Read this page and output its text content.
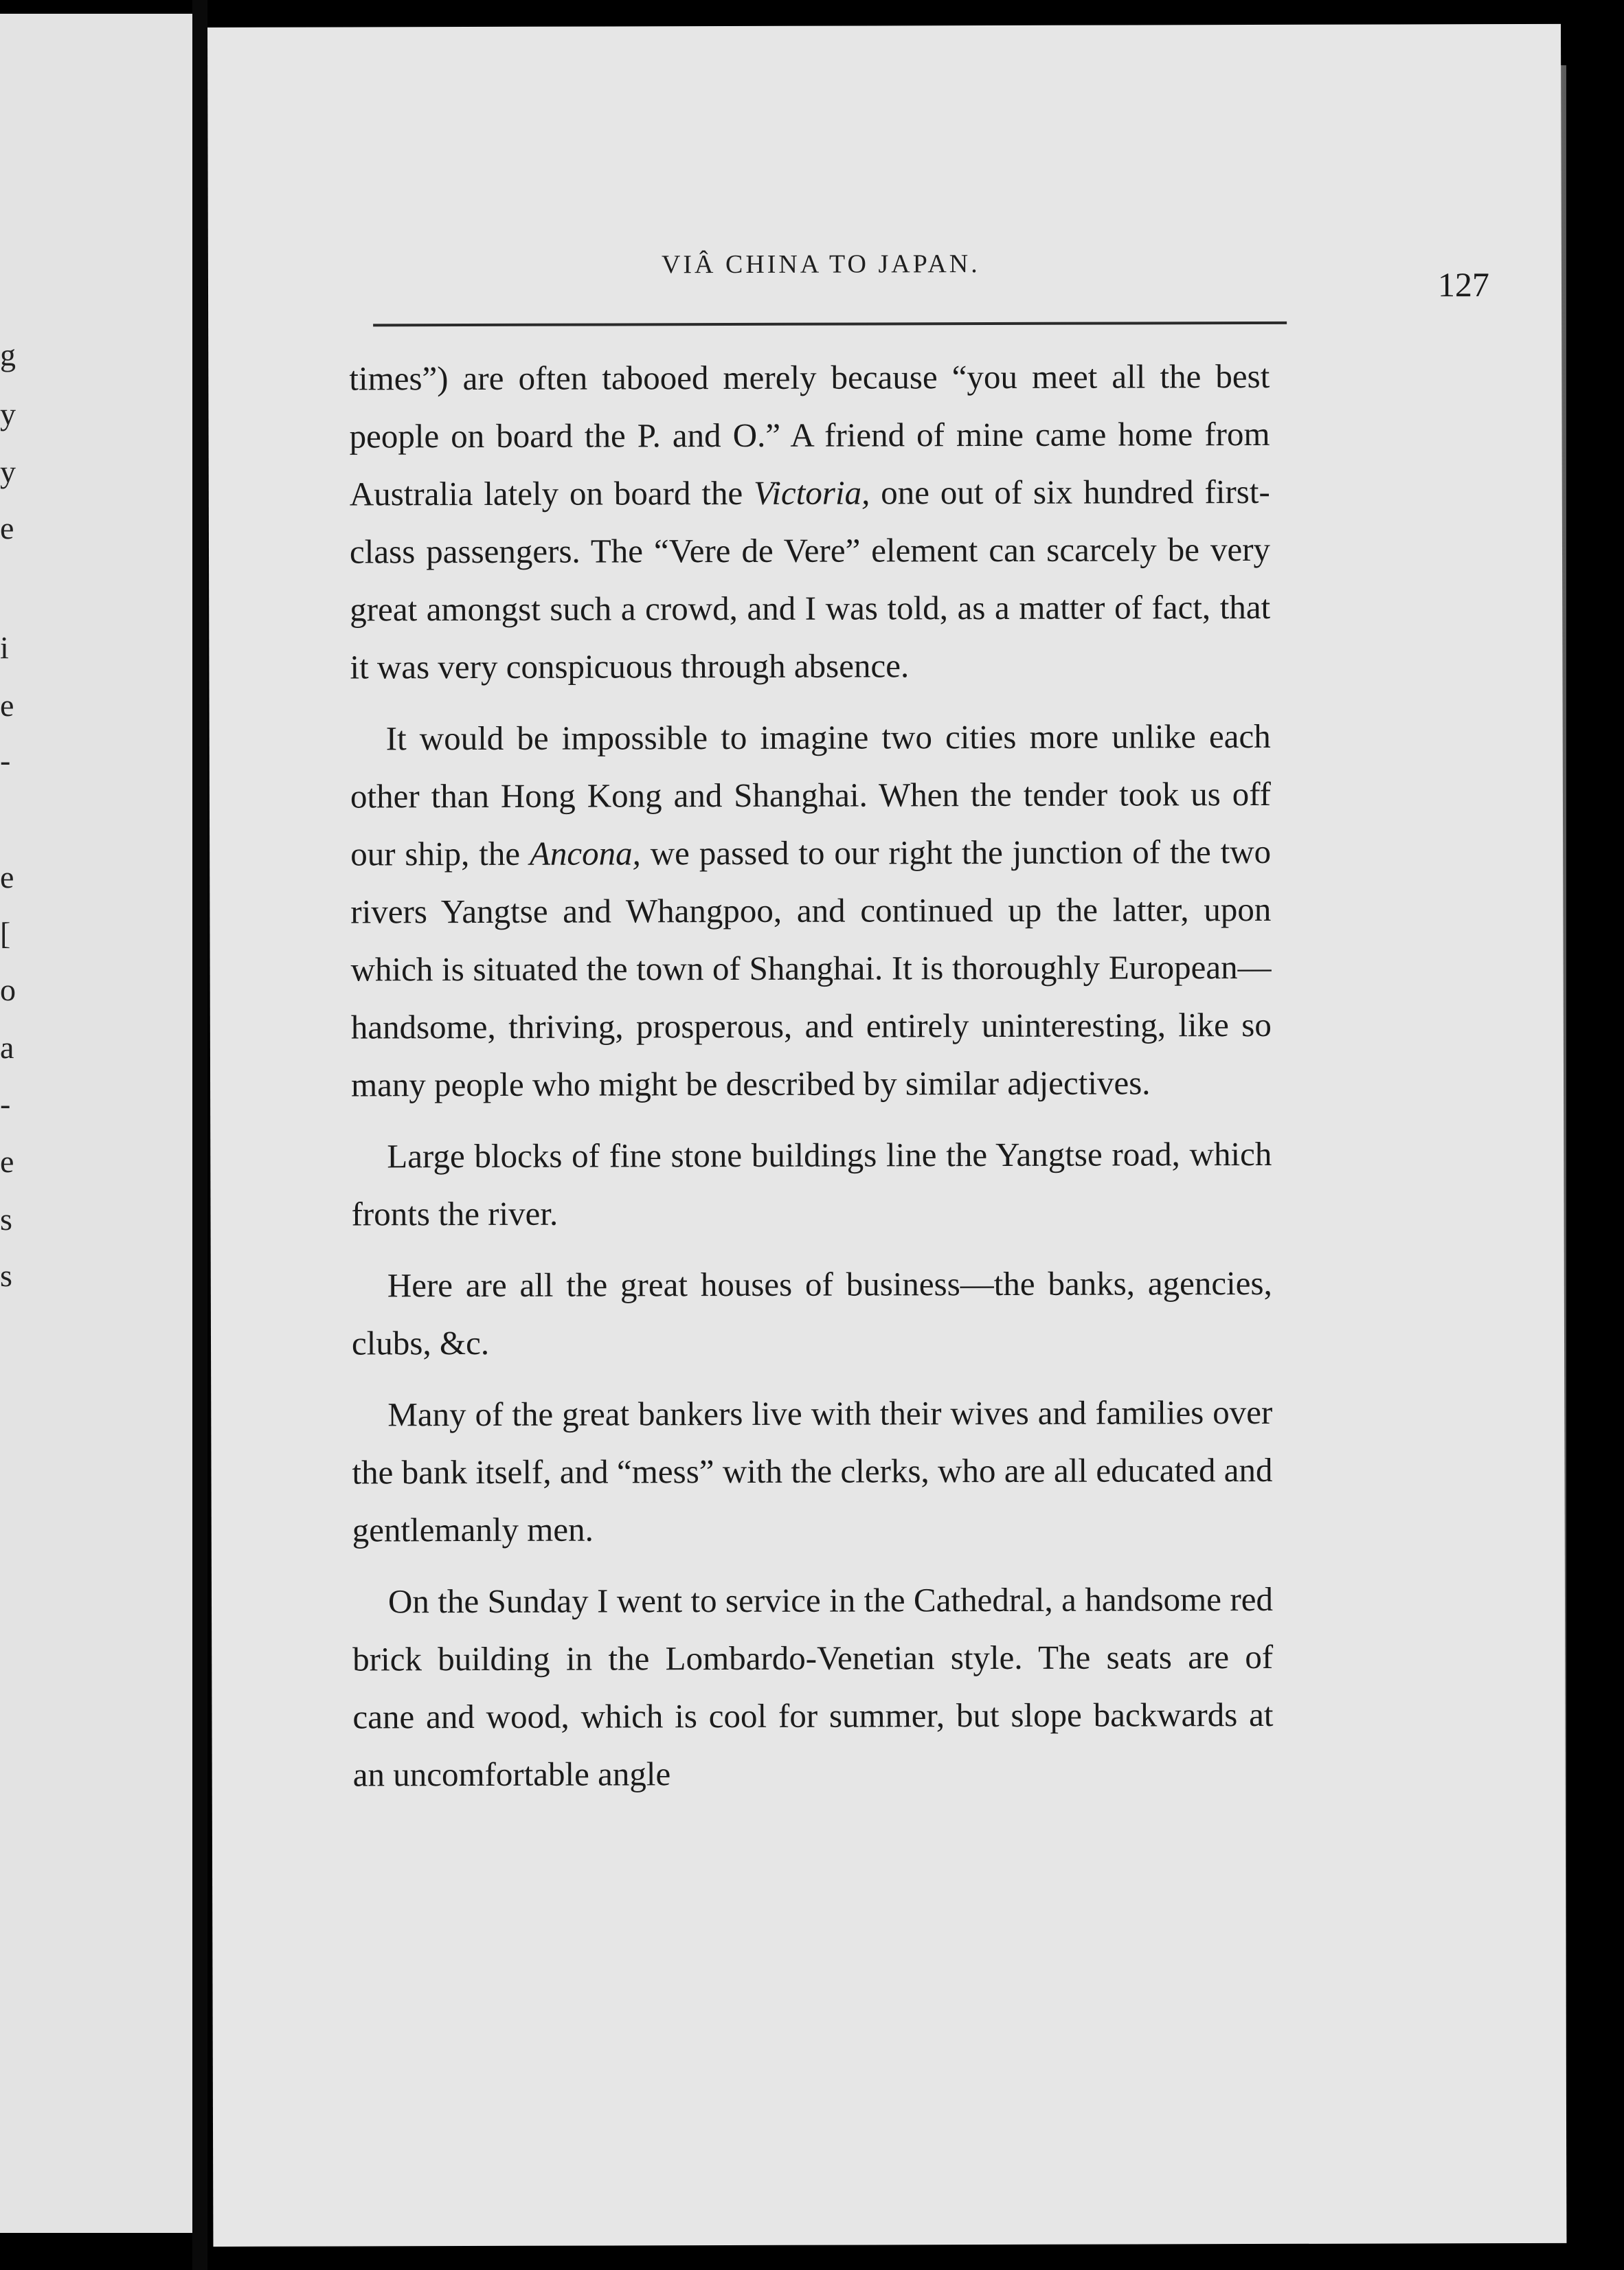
g
y
y
e
i
e
-
e
[
o
a
-
e
s
s
VIÂ CHINA TO JAPAN.
127

times”) are often tabooed merely because “you meet all the best people on board the P. and O.” A friend of mine came home from Australia lately on board the Victoria, one out of six hundred first-class passengers. The “Vere de Vere” element can scarcely be very great amongst such a crowd, and I was told, as a matter of fact, that it was very conspicuous through absence.

It would be impossible to imagine two cities more unlike each other than Hong Kong and Shanghai. When the tender took us off our ship, the Ancona, we passed to our right the junction of the two rivers Yangtse and Whangpoo, and continued up the latter, upon which is situated the town of Shanghai. It is thoroughly European—handsome, thriving, prosperous, and entirely uninteresting, like so many people who might be described by similar adjectives.

Large blocks of fine stone buildings line the Yangtse road, which fronts the river.

Here are all the great houses of business—the banks, agencies, clubs, &c.

Many of the great bankers live with their wives and families over the bank itself, and “mess” with the clerks, who are all educated and gentlemanly men.

On the Sunday I went to service in the Cathedral, a handsome red brick building in the Lombardo-Venetian style. The seats are of cane and wood, which is cool for summer, but slope backwards at an uncomfortable angle
